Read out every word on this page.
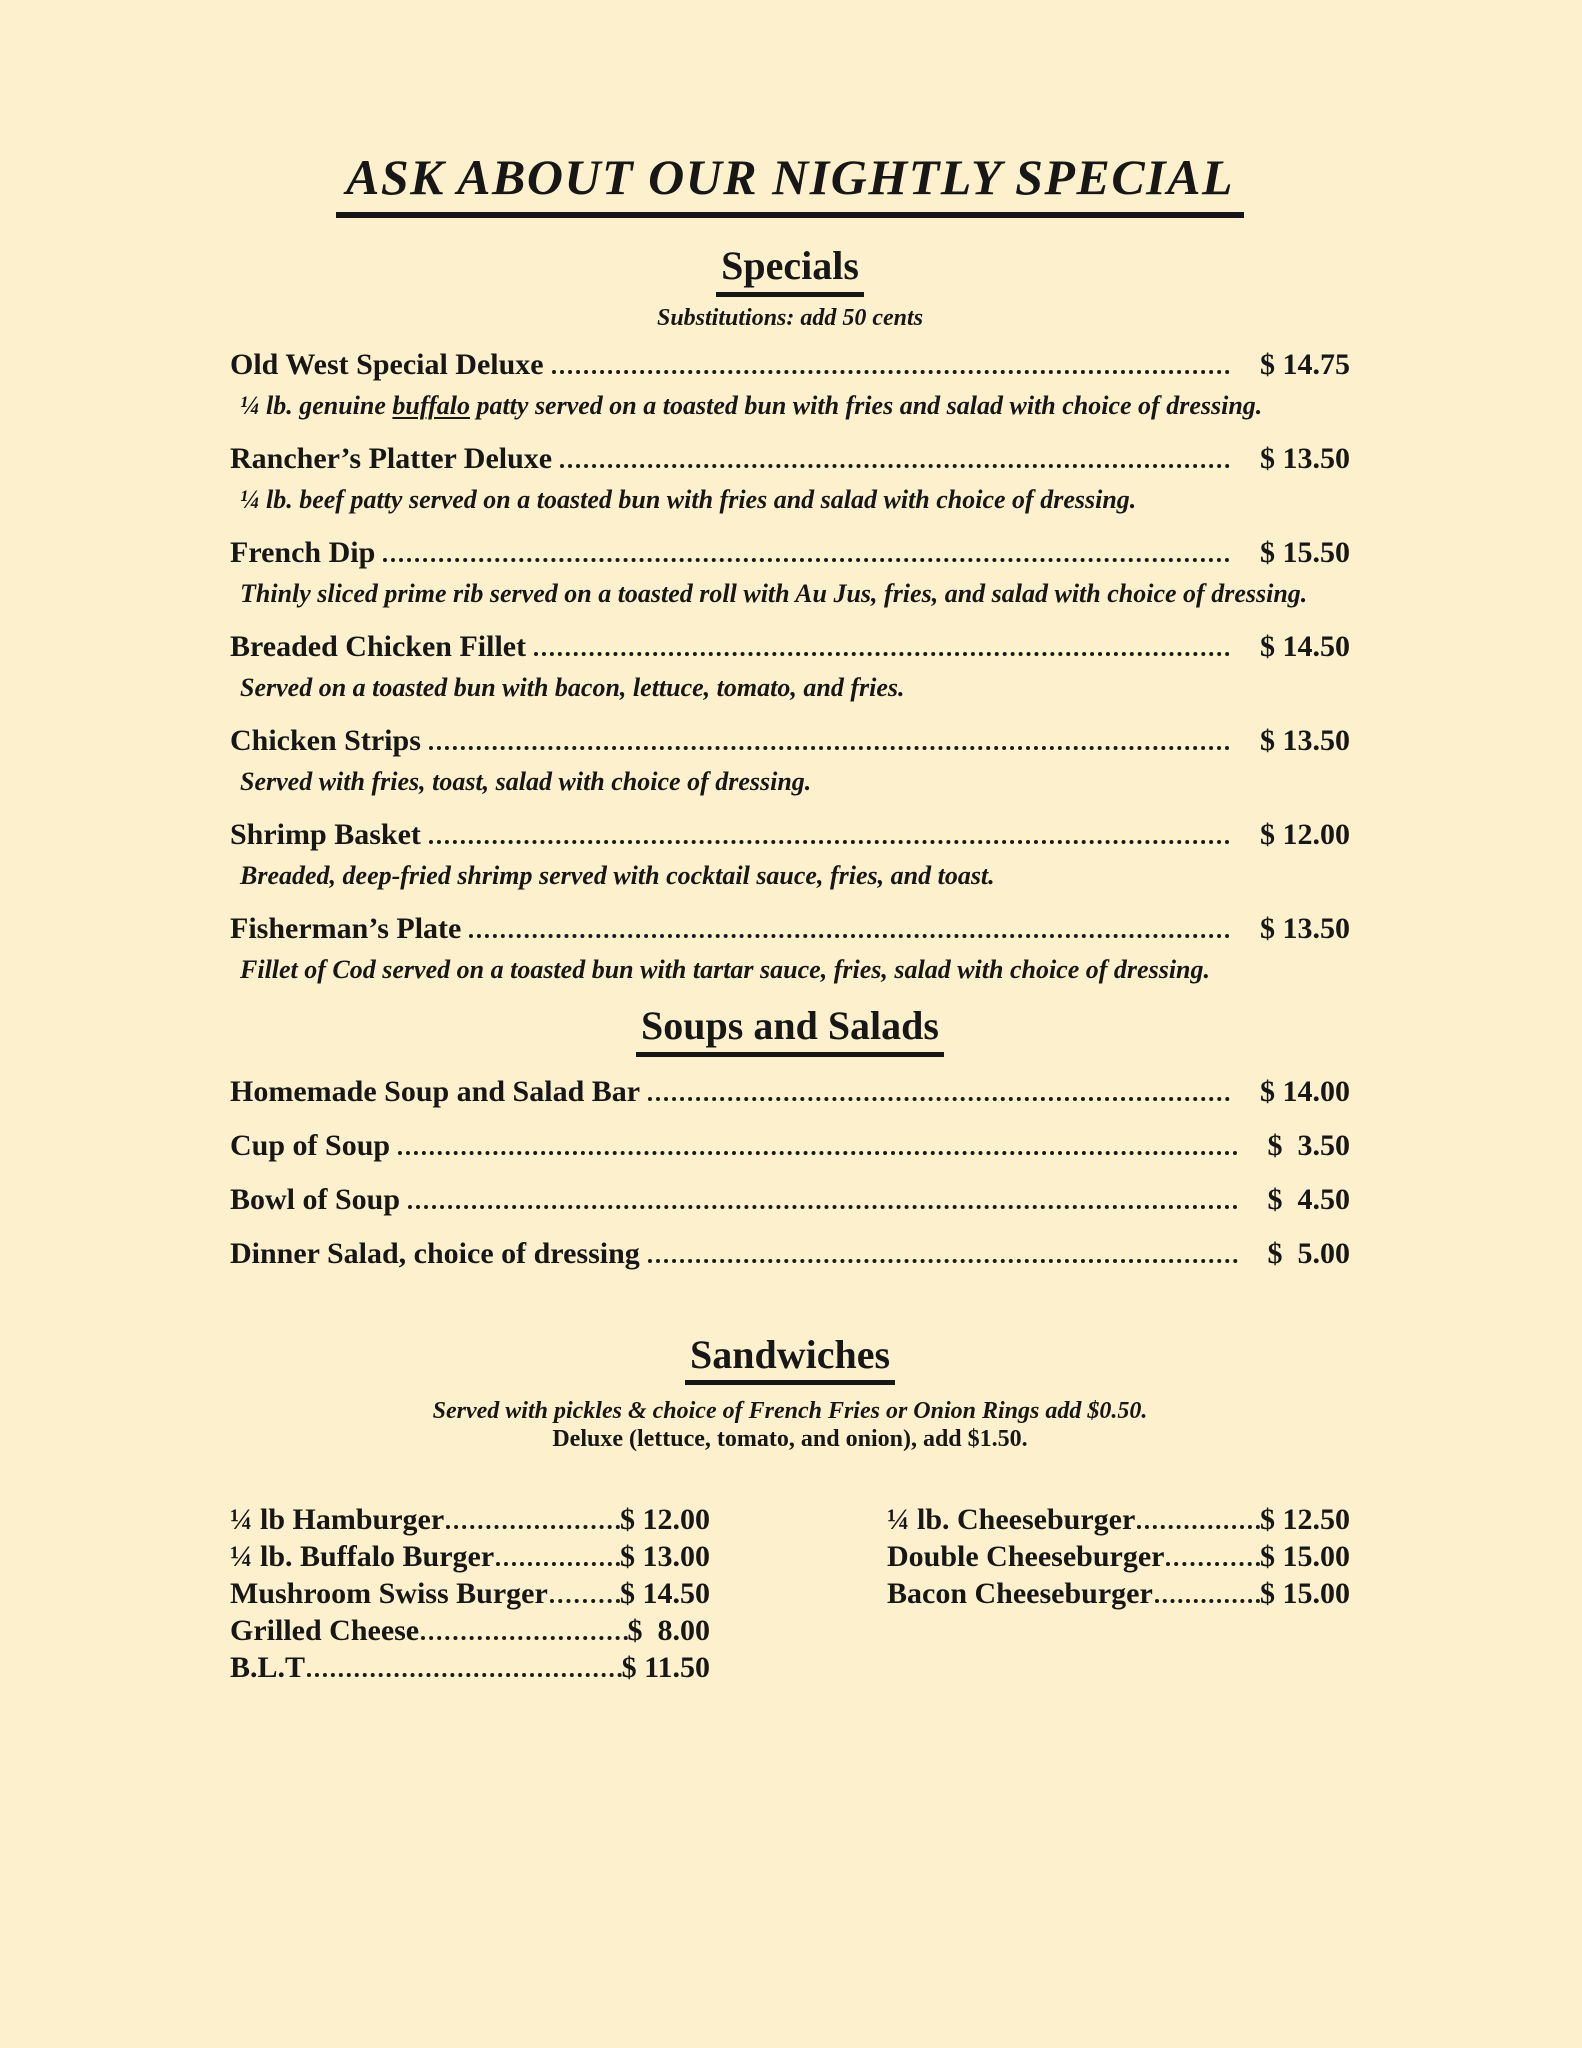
ASK ABOUT OUR NIGHTLY SPECIAL
Specials
Substitutions: add 50 cents
Old West Special Deluxe	$ 14.75
¼ lb. genuine buffalo patty served on a toasted bun with fries and salad with choice of dressing.
Rancher’s Platter Deluxe	$ 13.50
¼ lb. beef patty served on a toasted bun with fries and salad with choice of dressing.
French Dip	$ 15.50
Thinly sliced prime rib served on a toasted roll with Au Jus, fries, and salad with choice of dressing.
Breaded Chicken Fillet	$ 14.50
Served on a toasted bun with bacon, lettuce, tomato, and fries.
Chicken Strips	$ 13.50
Served with fries, toast, salad with choice of dressing.
Shrimp Basket	$ 12.00
Breaded, deep-fried shrimp served with cocktail sauce, fries, and toast.
Fisherman’s Plate	$ 13.50
Fillet of Cod served on a toasted bun with tartar sauce, fries, salad with choice of dressing.
Soups and Salads
Homemade Soup and Salad Bar	$ 14.00
Cup of Soup	$  3.50
Bowl of Soup	$  4.50
Dinner Salad, choice of dressing	$  5.00
Sandwiches
Served with pickles & choice of French Fries or Onion Rings add $0.50.
Deluxe (lettuce, tomato, and onion), add $1.50.
¼ lb Hamburger	$ 12.00
¼ lb. Buffalo Burger	$ 13.00
Mushroom Swiss Burger $ 14.50
Grilled Cheese	$  8.00
B.L.T	$ 11.50
¼ lb. Cheeseburger	$ 12.50
Double Cheeseburger	$ 15.00
Bacon Cheeseburger	$ 15.00
